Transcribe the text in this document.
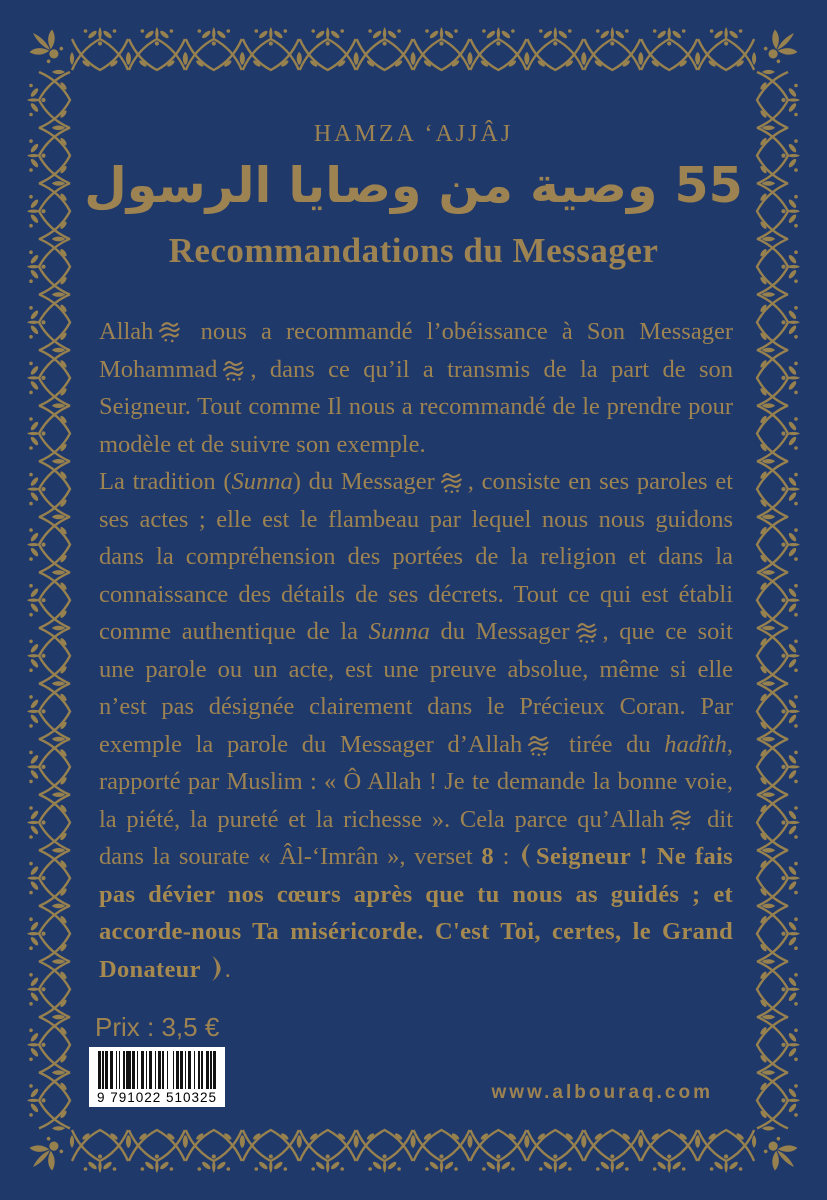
HAMZA ‘AJJÂJ
55 وصية من وصايا الرسول
Recommandations du Messager

Allah nous a recommandé l’obéissance à Son Messager Mohammad , dans ce qu’il a transmis de la part de son Seigneur. Tout comme Il nous a recommandé de le prendre pour modèle et de suivre son exemple.

La tradition (Sunna) du Messager , consiste en ses paroles et ses actes ; elle est le flambeau par lequel nous nous guidons dans la compréhension des portées de la religion et dans la connaissance des détails de ses décrets. Tout ce qui est établi comme authentique de la Sunna du Messager , que ce soit une parole ou un acte, est une preuve absolue, même si elle n’est pas désignée clairement dans le Précieux Coran. Par exemple la parole du Messager d’Allah tirée du hadîth, rapporté par Muslim : « Ô Allah ! Je te demande la bonne voie, la piété, la pureté et la richesse ». Cela parce qu’Allah dit dans la sourate « Âl-‘Imrân », verset 8 : Seigneur ! Ne fais pas dévier nos cœurs après que tu nous as guidés ; et accorde-nous Ta miséricorde. C'est Toi, certes, le Grand Donateur .

Prix : 3,5 €
9 791022 510325	www.albouraq.com
